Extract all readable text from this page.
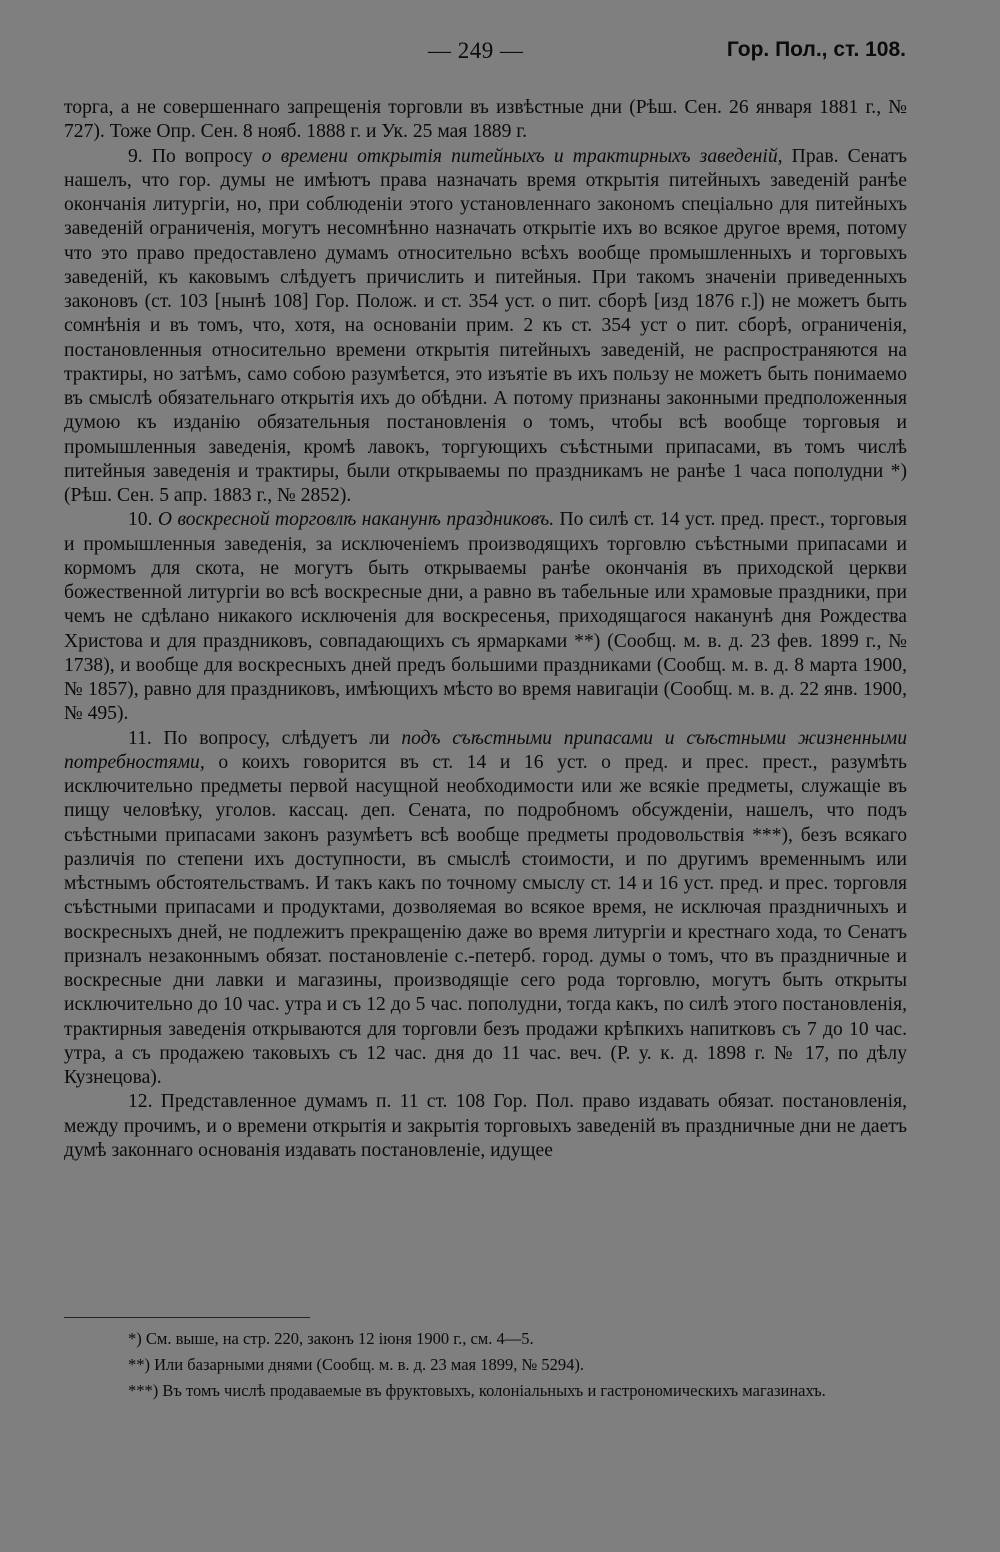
— 249 —	Гор. Пол., ст. 108.

торга, а не совершеннаго запрещенія торговли въ извѣстные дни (Рѣш. Сен. 26 января 1881 г., № 727). Тоже Опр. Сен. 8 нояб. 1888 г. и Ук. 25 мая 1889 г.

9. По вопросу о времени открытія питейныхъ и трактирныхъ заведеній, Прав. Сенатъ нашелъ, что гор. думы не имѣютъ права назначать время открытія питейныхъ заведеній ранѣе окончанія литургіи, но, при соблюденіи этого установленнаго закономъ спеціально для питейныхъ заведеній ограниченія, могутъ несомнѣнно назначать открытіе ихъ во всякое другое время, потому что это право предоставлено думамъ относительно всѣхъ вообще промышленныхъ и торговыхъ заведеній, къ каковымъ слѣдуетъ причислить и питейныя. При такомъ значеніи приведенныхъ законовъ (ст. 103 [нынѣ 108] Гор. Полож. и ст. 354 уст. о пит. сборѣ [изд 1876 г.]) не можетъ быть сомнѣнія и въ томъ, что, хотя, на основаніи прим. 2 къ ст. 354 уст о пит. сборѣ, ограниченія, постановленныя относительно времени открытія питейныхъ заведеній, не распространяются на трактиры, но затѣмъ, само собою разумѣется, это изъятіе въ ихъ пользу не можетъ быть понимаемо въ смыслѣ обязательнаго открытія ихъ до обѣдни. А потому признаны законными предположенныя думою къ изданію обязательныя постановленія о томъ, чтобы всѣ вообще торговыя и промышленныя заведенія, кромѣ лавокъ, торгующихъ съѣстными припасами, въ томъ числѣ питейныя заведенія и трактиры, были открываемы по праздникамъ не ранѣе 1 часа пополудни *) (Рѣш. Сен. 5 апр. 1883 г., № 2852).

10. О воскресной торговлѣ наканунѣ праздниковъ. По силѣ ст. 14 уст. пред. прест., торговыя и промышленныя заведенія, за исключеніемъ производящихъ торговлю съѣстными припасами и кормомъ для скота, не могутъ быть открываемы ранѣе окончанія въ приходской церкви божественной литургіи во всѣ воскресные дни, а равно въ табельные или храмовые праздники, при чемъ не сдѣлано никакого исключенія для воскресенья, приходящагося наканунѣ дня Рождества Христова и для праздниковъ, совпадающихъ съ ярмарками **) (Сообщ. м. в. д. 23 фев. 1899 г., № 1738), и вообще для воскресныхъ дней предъ большими праздниками (Сообщ. м. в. д. 8 марта 1900, № 1857), равно для праздниковъ, имѣющихъ мѣсто во время навигаціи (Сообщ. м. в. д. 22 янв. 1900, № 495).

11. По вопросу, слѣдуетъ ли подъ съѣстными припасами и съѣстными жизненными потребностями, о коихъ говорится въ ст. 14 и 16 уст. о пред. и прес. прест., разумѣть исключительно предметы первой насущной необходимости или же всякіе предметы, служащіе въ пищу человѣку, уголов. кассац. деп. Сената, по подробномъ обсужденіи, нашелъ, что подъ съѣстными припасами законъ разумѣетъ всѣ вообще предметы продовольствія ***), безъ всякаго различія по степени ихъ доступности, въ смыслѣ стоимости, и по другимъ временнымъ или мѣстнымъ обстоятельствамъ. И такъ какъ по точному смыслу ст. 14 и 16 уст. пред. и прес. торговля съѣстными припасами и продуктами, дозволяемая во всякое время, не исключая праздничныхъ и воскресныхъ дней, не подлежитъ прекращенію даже во время литургіи и крестнаго хода, то Сенатъ призналъ незаконнымъ обязат. постановленіе с.-петерб. город. думы о томъ, что въ праздничные и воскресные дни лавки и магазины, производящіе сего рода торговлю, могутъ быть открыты исключительно до 10 час. утра и съ 12 до 5 час. пополудни, тогда какъ, по силѣ этого постановленія, трактирныя заведенія открываются для торговли безъ продажи крѣпкихъ напитковъ съ 7 до 10 час. утра, а съ продажею таковыхъ съ 12 час. дня до 11 час. веч. (Р. у. к. д. 1898 г. № 17, по дѣлу Кузнецова).

12. Представленное думамъ п. 11 ст. 108 Гор. Пол. право издавать обязат. постановленія, между прочимъ, и о времени открытія и закрытія торговыхъ заведеній въ праздничные дни не даетъ думѣ законнаго основанія издавать постановленіе, идущее

*) См. выше, на стр. 220, законъ 12 іюня 1900 г., см. 4—5.

**) Или базарными днями (Сообщ. м. в. д. 23 мая 1899, № 5294).

***) Въ томъ числѣ продаваемые въ фруктовыхъ, колоніальныхъ и гастрономическихъ магазинахъ.
